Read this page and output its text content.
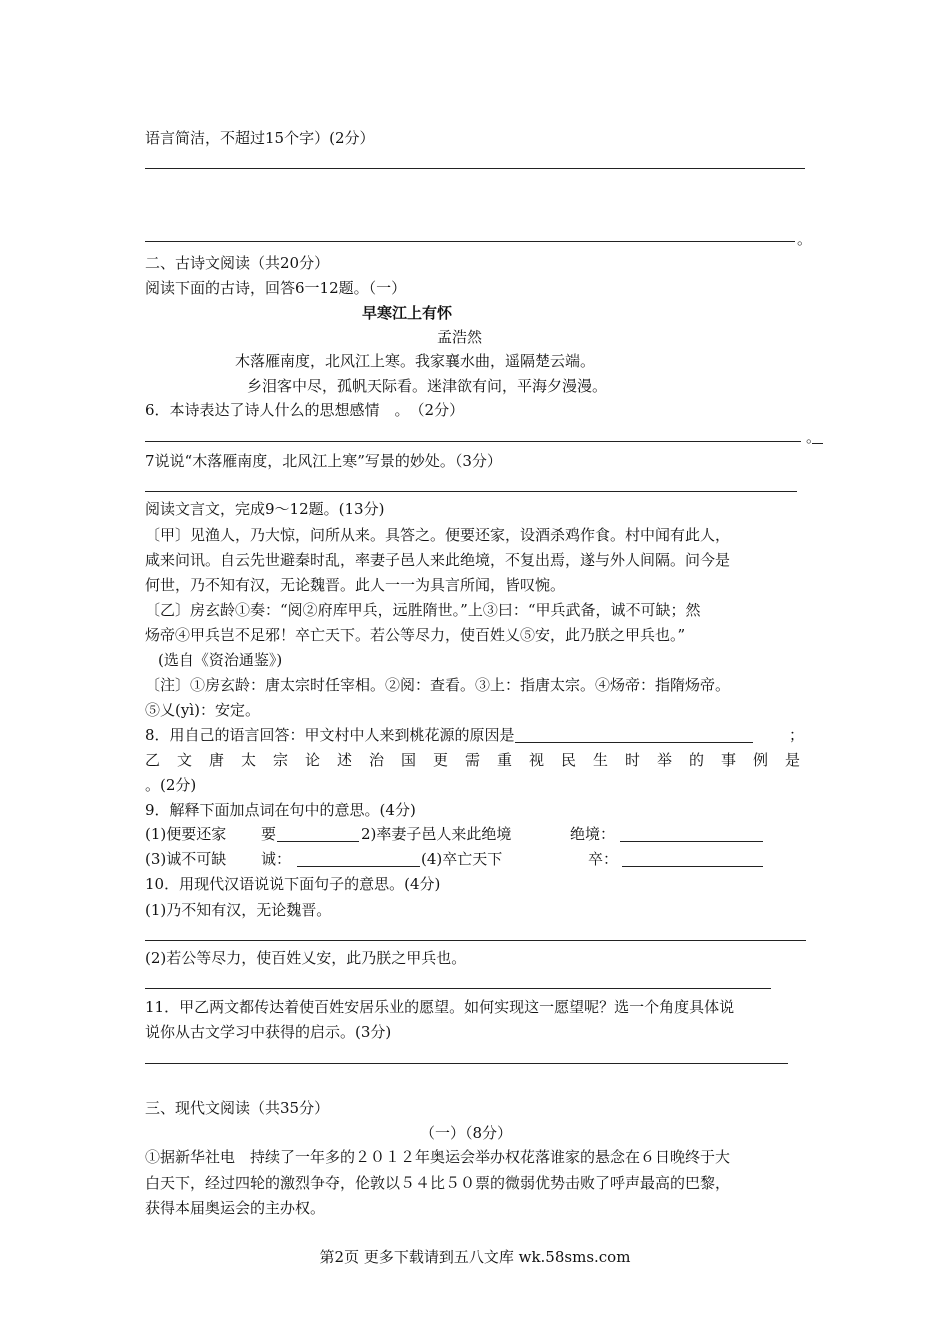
语言简洁，不超过15个字）(2分）
。
二、古诗文阅读（共20分）
阅读下面的古诗，回答6一12题。（一）
早寒江上有怀
孟浩然
木落雁南度，北风江上寒。我家襄水曲，遥隔楚云端。
乡泪客中尽，孤帆天际看。迷津欲有问，平海夕漫漫。
6．本诗表达了诗人什么的思想感情　。　（2分）
。
7说说“木落雁南度，北风江上寒”写景的妙处。（3分）
阅读文言文，完成9～12题。(13分)
〔甲〕见渔人，乃大惊，问所从来。具答之。便要还家，设酒杀鸡作食。村中闻有此人，
咸来问讯。自云先世避秦时乱，率妻子邑人来此绝境，不复出焉，遂与外人间隔。问今是
何世，乃不知有汉，无论魏晋。此人一一为具言所闻，皆叹惋。
〔乙〕房玄龄①奏：“阅②府库甲兵，远胜隋世。”上③曰：“甲兵武备，诚不可缺；然
炀帝④甲兵岂不足邪！卒亡天下。若公等尽力，使百姓乂⑤安，此乃朕之甲兵也。”
(选自《资治通鉴》)
〔注〕①房玄龄：唐太宗时任宰相。②阅：查看。③上：指唐太宗。④炀帝：指隋炀帝。
⑤乂(yì)：安定。
8．用自己的语言回答：甲文村中人来到桃花源的原因是	；
乙文唐太宗论述治国更需重视民生时举的事例是
。(2分)
9．解释下面加点词在句中的意思。(4分)
(1)便要还家 要	2)率妻子邑人来此绝境	绝境：
(3)诚不可缺 诚：	(4)卒亡天下	卒：
10．用现代汉语说说下面句子的意思。(4分)
(1)乃不知有汉，无论魏晋。
(2)若公等尽力，使百姓乂安，此乃朕之甲兵也。
11．甲乙两文都传达着使百姓安居乐业的愿望。如何实现这一愿望呢？选一个角度具体说
说你从古文学习中获得的启示。(3分)
三、现代文阅读（共35分）
（一）（8分）
①据新华社电　持续了一年多的２０１２年奥运会举办权花落谁家的悬念在６日晚终于大
白天下，经过四轮的激烈争夺，伦敦以５４比５０票的微弱优势击败了呼声最高的巴黎，
获得本届奥运会的主办权。
第2页 更多下载请到五八文库 wk.58sms.com
